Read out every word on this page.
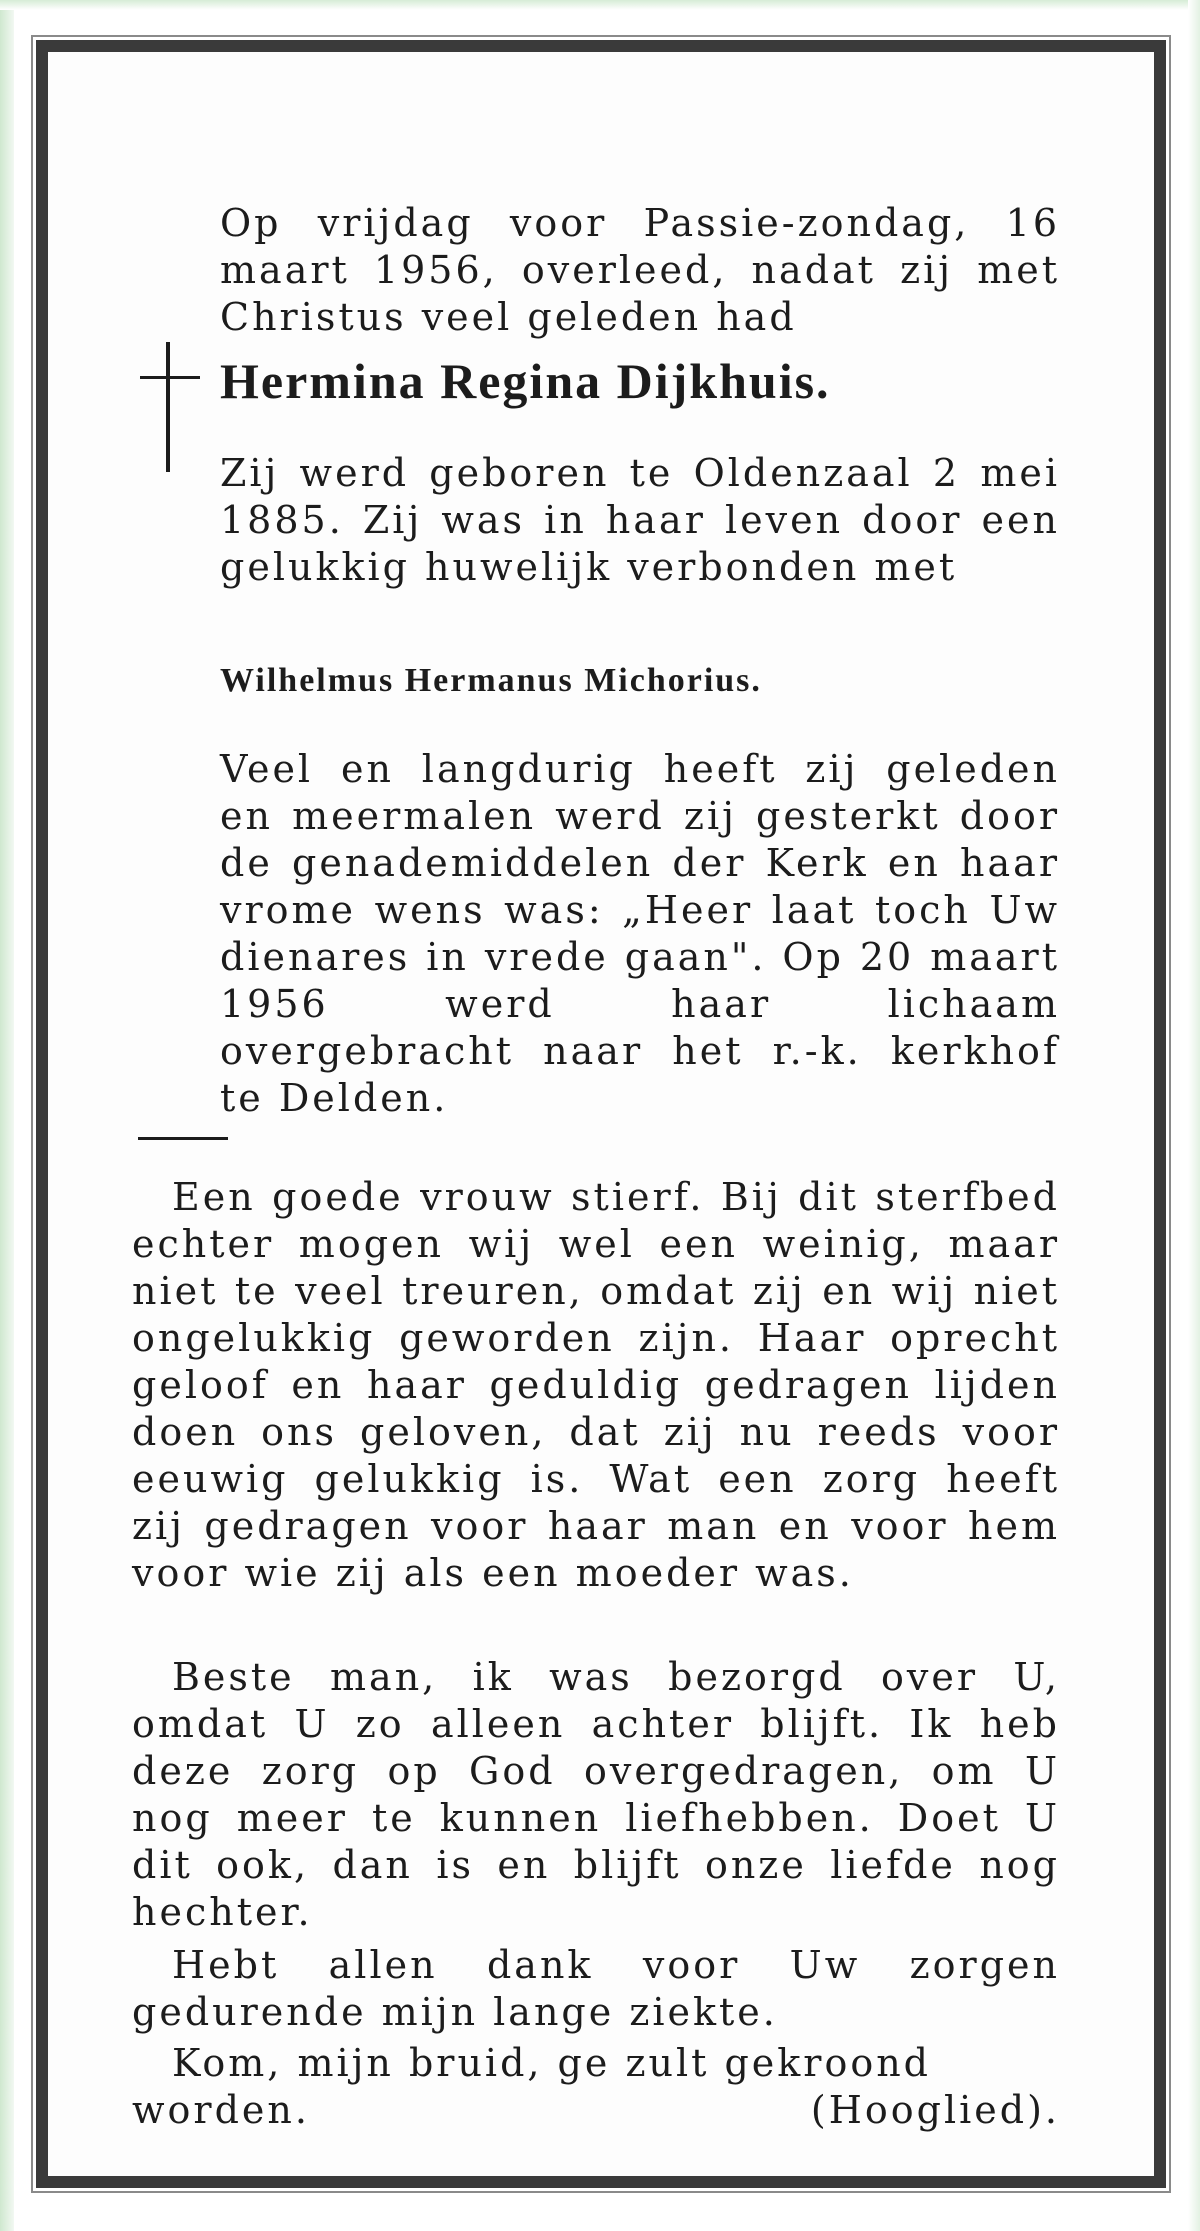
Op vrijdag voor Passie-zondag, 16 maart 1956, overleed, nadat zij met Christus veel geleden had

Hermina Regina Dijkhuis.

Zij werd geboren te Oldenzaal 2 mei 1885. Zij was in haar leven door een gelukkig huwelijk verbonden met

Wilhelmus Hermanus Michorius.

Veel en langdurig heeft zij geleden en meermalen werd zij gesterkt door de genademiddelen der Kerk en haar vrome wens was: „Heer laat toch Uw dienares in vrede gaan". Op 20 maart 1956 werd haar lichaam overgebracht naar het r.-k. kerkhof te Delden.

Een goede vrouw stierf. Bij dit sterfbed echter mogen wij wel een weinig, maar niet te veel treuren, omdat zij en wij niet ongelukkig geworden zijn. Haar oprecht geloof en haar geduldig gedragen lijden doen ons geloven, dat zij nu reeds voor eeuwig gelukkig is. Wat een zorg heeft zij gedragen voor haar man en voor hem voor wie zij als een moeder was.

Beste man, ik was bezorgd over U, omdat U zo alleen achter blijft. Ik heb deze zorg op God overgedragen, om U nog meer te kunnen liefhebben. Doet U dit ook, dan is en blijft onze liefde nog hechter.

Hebt allen dank voor Uw zorgen gedurende mijn lange ziekte.

Kom, mijn bruid, ge zult gekroond
worden.	(Hooglied).
